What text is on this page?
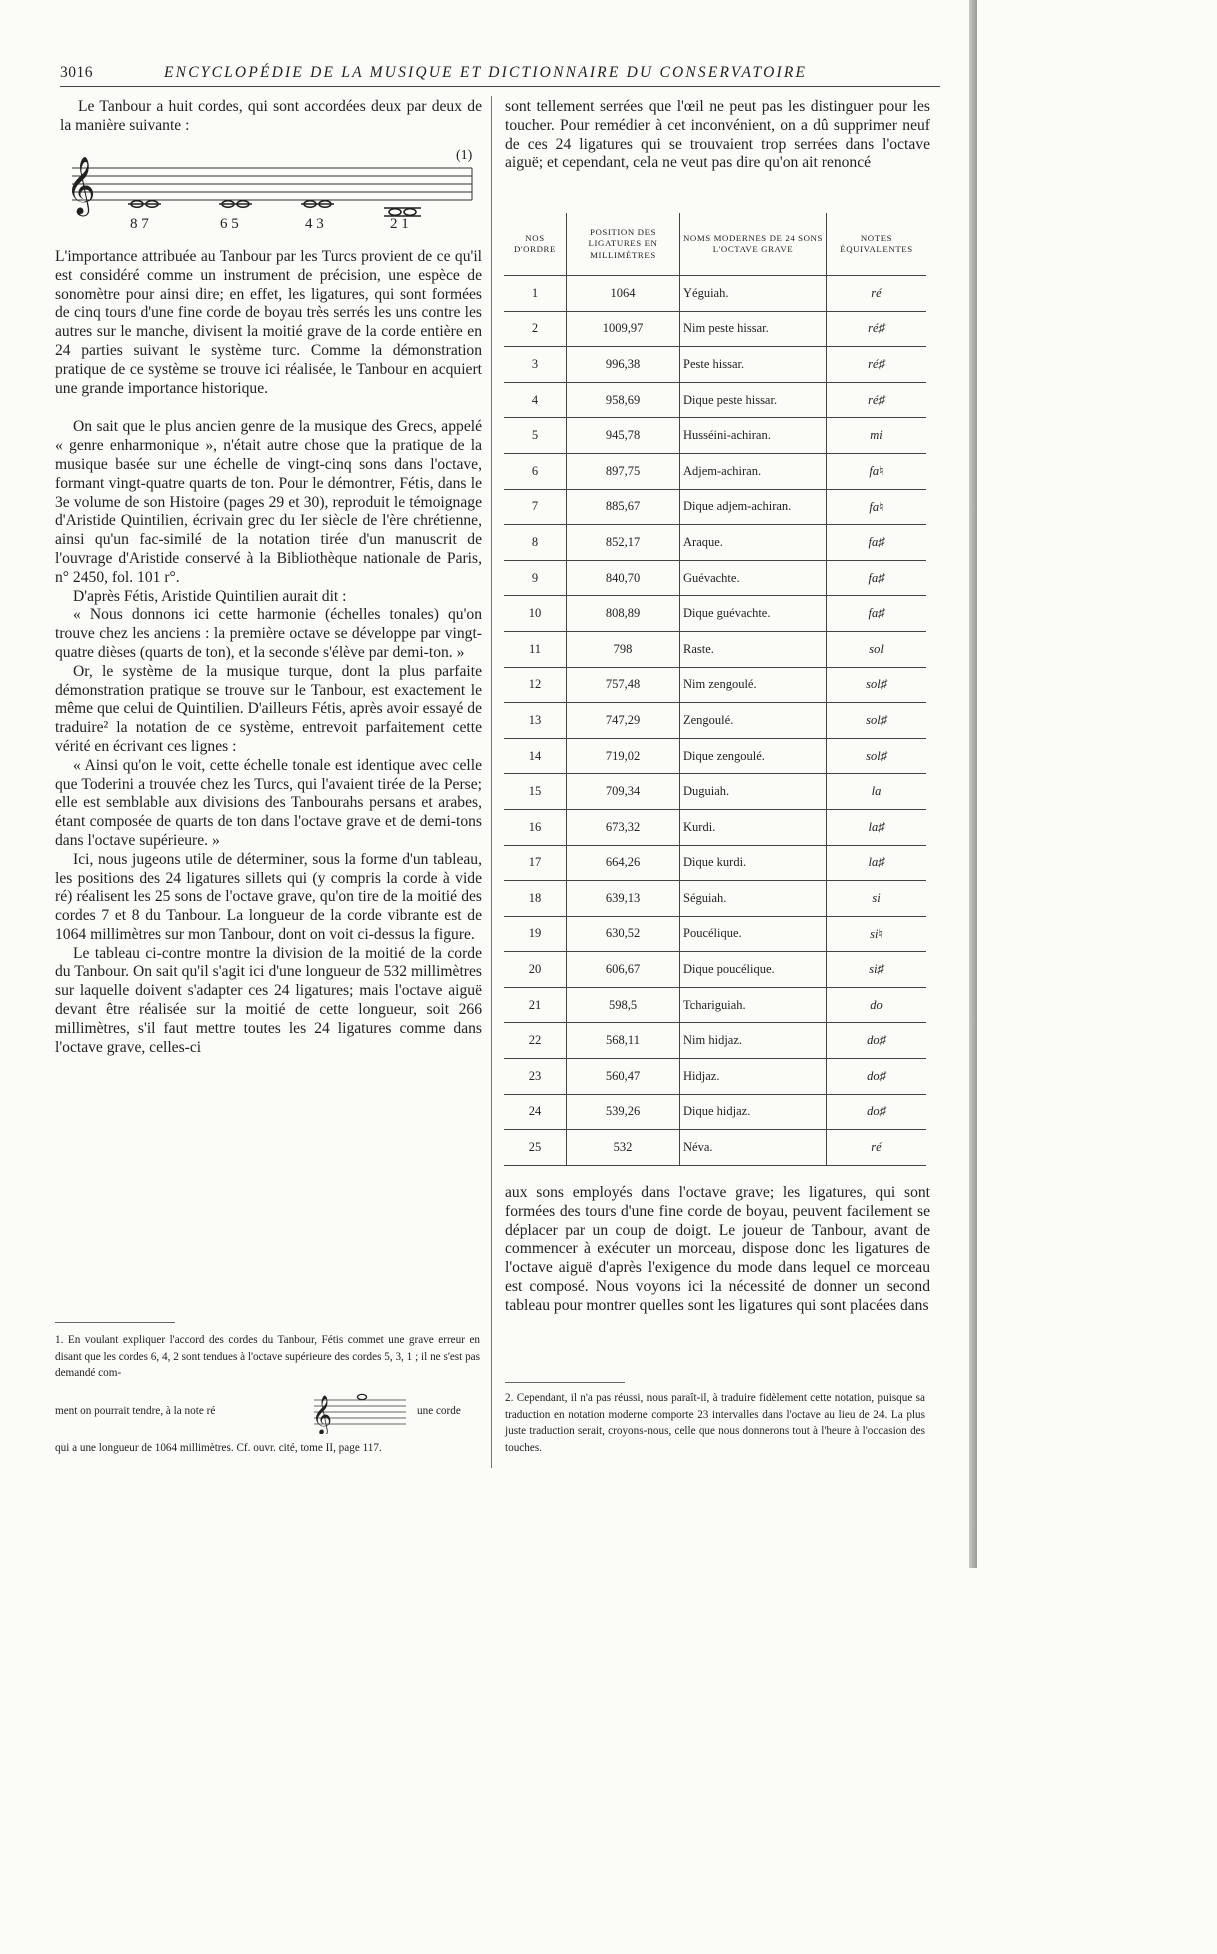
3016	ENCYCLOPÉDIE DE LA MUSIQUE ET DICTIONNAIRE DU CONSERVATOIRE

Le Tanbour a huit cordes, qui sont accordées deux par deux de la manière suivante :

𝄞
(1)
8 7	6 5	4 3	2 1

L'importance attribuée au Tanbour par les Turcs provient de ce qu'il est considéré comme un instrument de précision, une espèce de sonomètre pour ainsi dire; en effet, les ligatures, qui sont formées de cinq tours d'une fine corde de boyau très serrés les uns contre les autres sur le manche, divisent la moitié grave de la corde entière en 24 parties suivant le système turc. Comme la démonstration pratique de ce système se trouve ici réalisée, le Tanbour en acquiert une grande importance historique.

On sait que le plus ancien genre de la musique des Grecs, appelé « genre enharmonique », n'était autre chose que la pratique de la musique basée sur une échelle de vingt-cinq sons dans l'octave, formant vingt-quatre quarts de ton. Pour le démontrer, Fétis, dans le 3e volume de son Histoire (pages 29 et 30), reproduit le témoignage d'Aristide Quintilien, écrivain grec du Ier siècle de l'ère chrétienne, ainsi qu'un fac-similé de la notation tirée d'un manuscrit de l'ouvrage d'Aristide conservé à la Bibliothèque nationale de Paris, n° 2450, fol. 101 r°.

D'après Fétis, Aristide Quintilien aurait dit :

« Nous donnons ici cette harmonie (échelles tonales) qu'on trouve chez les anciens : la première octave se développe par vingt-quatre dièses (quarts de ton), et la seconde s'élève par demi-ton. »

Or, le système de la musique turque, dont la plus parfaite démonstration pratique se trouve sur le Tanbour, est exactement le même que celui de Quintilien. D'ailleurs Fétis, après avoir essayé de traduire² la notation de ce système, entrevoit parfaitement cette vérité en écrivant ces lignes :

« Ainsi qu'on le voit, cette échelle tonale est identique avec celle que Toderini a trouvée chez les Turcs, qui l'avaient tirée de la Perse; elle est semblable aux divisions des Tanbourahs persans et arabes, étant composée de quarts de ton dans l'octave grave et de demi-tons dans l'octave supérieure. »

Ici, nous jugeons utile de déterminer, sous la forme d'un tableau, les positions des 24 ligatures sillets qui (y compris la corde à vide ré) réalisent les 25 sons de l'octave grave, qu'on tire de la moitié des cordes 7 et 8 du Tanbour. La longueur de la corde vibrante est de 1064 millimètres sur mon Tanbour, dont on voit ci-dessus la figure.

Le tableau ci-contre montre la division de la moitié de la corde du Tanbour. On sait qu'il s'agit ici d'une longueur de 532 millimètres sur laquelle doivent s'adapter ces 24 ligatures; mais l'octave aiguë devant être réalisée sur la moitié de cette longueur, soit 266 millimètres, s'il faut mettre toutes les 24 ligatures comme dans l'octave grave, celles-ci

1. En voulant expliquer l'accord des cordes du Tanbour, Fétis commet une grave erreur en disant que les cordes 6, 4, 2 sont tendues à l'octave supérieure des cordes 5, 3, 1 ; il ne s'est pas demandé com-
ment on pourrait tendre, à la note ré	𝄞	une corde
qui a une longueur de 1064 millimètres. Cf. ouvr. cité, tome II, page 117.

sont tellement serrées que l'œil ne peut pas les distinguer pour les toucher. Pour remédier à cet inconvénient, on a dû supprimer neuf de ces 24 ligatures qui se trouvaient trop serrées dans l'octave aiguë; et cependant, cela ne veut pas dire qu'on ait renoncé

NOS D'ORDRE	POSITION DES LIGATURES EN MILLIMÈTRES	NOMS MODERNES DE 24 SONS L'OCTAVE GRAVE	NOTES ÉQUIVALENTES
1	1064	Yéguiah.	ré
2	1009,97	Nim peste hissar.	ré♯
3	996,38	Peste hissar.	ré♯
4	958,69	Dique peste hissar.	ré♯
5	945,78	Husséini-achiran.	mi
6	897,75	Adjem-achiran.	fa♮
7	885,67	Dique adjem-achiran.	fa♮
8	852,17	Araque.	fa♯
9	840,70	Guévachte.	fa♯
10	808,89	Dique guévachte.	fa♯
11	798	Raste.	sol
12	757,48	Nim zengoulé.	sol♯
13	747,29	Zengoulé.	sol♯
14	719,02	Dique zengoulé.	sol♯
15	709,34	Duguiah.	la
16	673,32	Kurdi.	la♯
17	664,26	Dique kurdi.	la♯
18	639,13	Séguiah.	si
19	630,52	Poucélique.	si♮
20	606,67	Dique poucélique.	si♯
21	598,5	Tchariguiah.	do
22	568,11	Nim hidjaz.	do♯
23	560,47	Hidjaz.	do♯
24	539,26	Dique hidjaz.	do♯
25	532	Néva.	ré

aux sons employés dans l'octave grave; les ligatures, qui sont formées des tours d'une fine corde de boyau, peuvent facilement se déplacer par un coup de doigt. Le joueur de Tanbour, avant de commencer à exécuter un morceau, dispose donc les ligatures de l'octave aiguë d'après l'exigence du mode dans lequel ce morceau est composé. Nous voyons ici la nécessité de donner un second tableau pour montrer quelles sont les ligatures qui sont placées dans

2. Cependant, il n'a pas réussi, nous paraît-il, à traduire fidèlement cette notation, puisque sa traduction en notation moderne comporte 23 intervalles dans l'octave au lieu de 24. La plus juste traduction serait, croyons-nous, celle que nous donnerons tout à l'heure à l'occasion des touches.
